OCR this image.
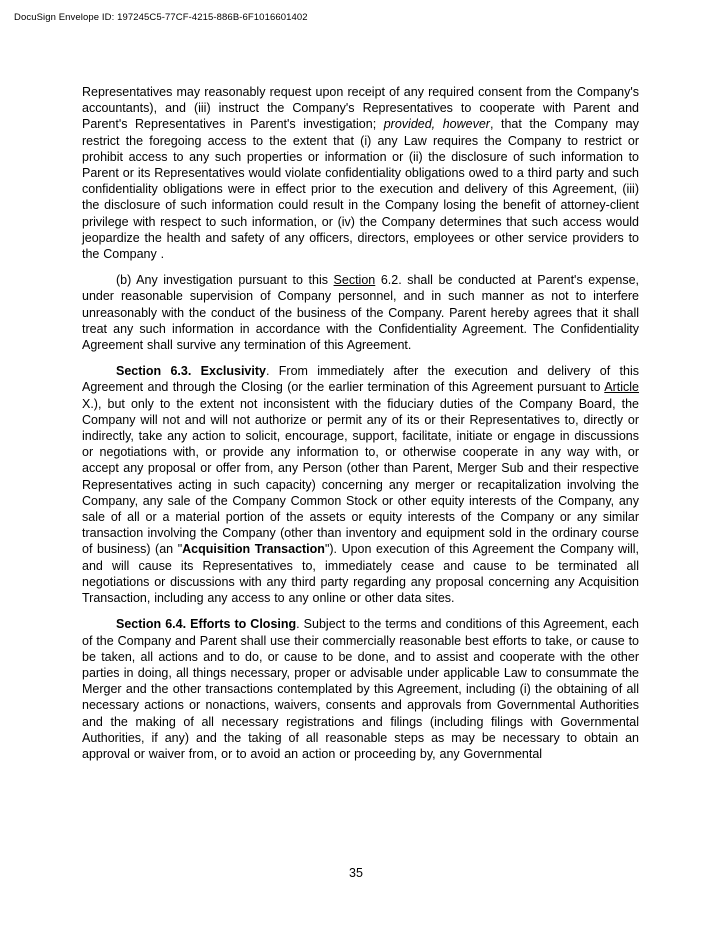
DocuSign Envelope ID: 197245C5-77CF-4215-886B-6F1016601402

Representatives may reasonably request upon receipt of any required consent from the Company's accountants), and (iii) instruct the Company's Representatives to cooperate with Parent and Parent's Representatives in Parent's investigation; provided, however, that the Company may restrict the foregoing access to the extent that (i) any Law requires the Company to restrict or prohibit access to any such properties or information or (ii) the disclosure of such information to Parent or its Representatives would violate confidentiality obligations owed to a third party and such confidentiality obligations were in effect prior to the execution and delivery of this Agreement, (iii) the disclosure of such information could result in the Company losing the benefit of attorney-client privilege with respect to such information, or (iv) the Company determines that such access would jeopardize the health and safety of any officers, directors, employees or other service providers to the Company .

(b) Any investigation pursuant to this Section 6.2. shall be conducted at Parent's expense, under reasonable supervision of Company personnel, and in such manner as not to interfere unreasonably with the conduct of the business of the Company. Parent hereby agrees that it shall treat any such information in accordance with the Confidentiality Agreement. The Confidentiality Agreement shall survive any termination of this Agreement.

Section 6.3. Exclusivity. From immediately after the execution and delivery of this Agreement and through the Closing (or the earlier termination of this Agreement pursuant to Article X.), but only to the extent not inconsistent with the fiduciary duties of the Company Board, the Company will not and will not authorize or permit any of its or their Representatives to, directly or indirectly, take any action to solicit, encourage, support, facilitate, initiate or engage in discussions or negotiations with, or provide any information to, or otherwise cooperate in any way with, or accept any proposal or offer from, any Person (other than Parent, Merger Sub and their respective Representatives acting in such capacity) concerning any merger or recapitalization involving the Company, any sale of the Company Common Stock or other equity interests of the Company, any sale of all or a material portion of the assets or equity interests of the Company or any similar transaction involving the Company (other than inventory and equipment sold in the ordinary course of business) (an "Acquisition Transaction"). Upon execution of this Agreement the Company will, and will cause its Representatives to, immediately cease and cause to be terminated all negotiations or discussions with any third party regarding any proposal concerning any Acquisition Transaction, including any access to any online or other data sites.

Section 6.4. Efforts to Closing. Subject to the terms and conditions of this Agreement, each of the Company and Parent shall use their commercially reasonable best efforts to take, or cause to be taken, all actions and to do, or cause to be done, and to assist and cooperate with the other parties in doing, all things necessary, proper or advisable under applicable Law to consummate the Merger and the other transactions contemplated by this Agreement, including (i) the obtaining of all necessary actions or nonactions, waivers, consents and approvals from Governmental Authorities and the making of all necessary registrations and filings (including filings with Governmental Authorities, if any) and the taking of all reasonable steps as may be necessary to obtain an approval or waiver from, or to avoid an action or proceeding by, any Governmental

35
